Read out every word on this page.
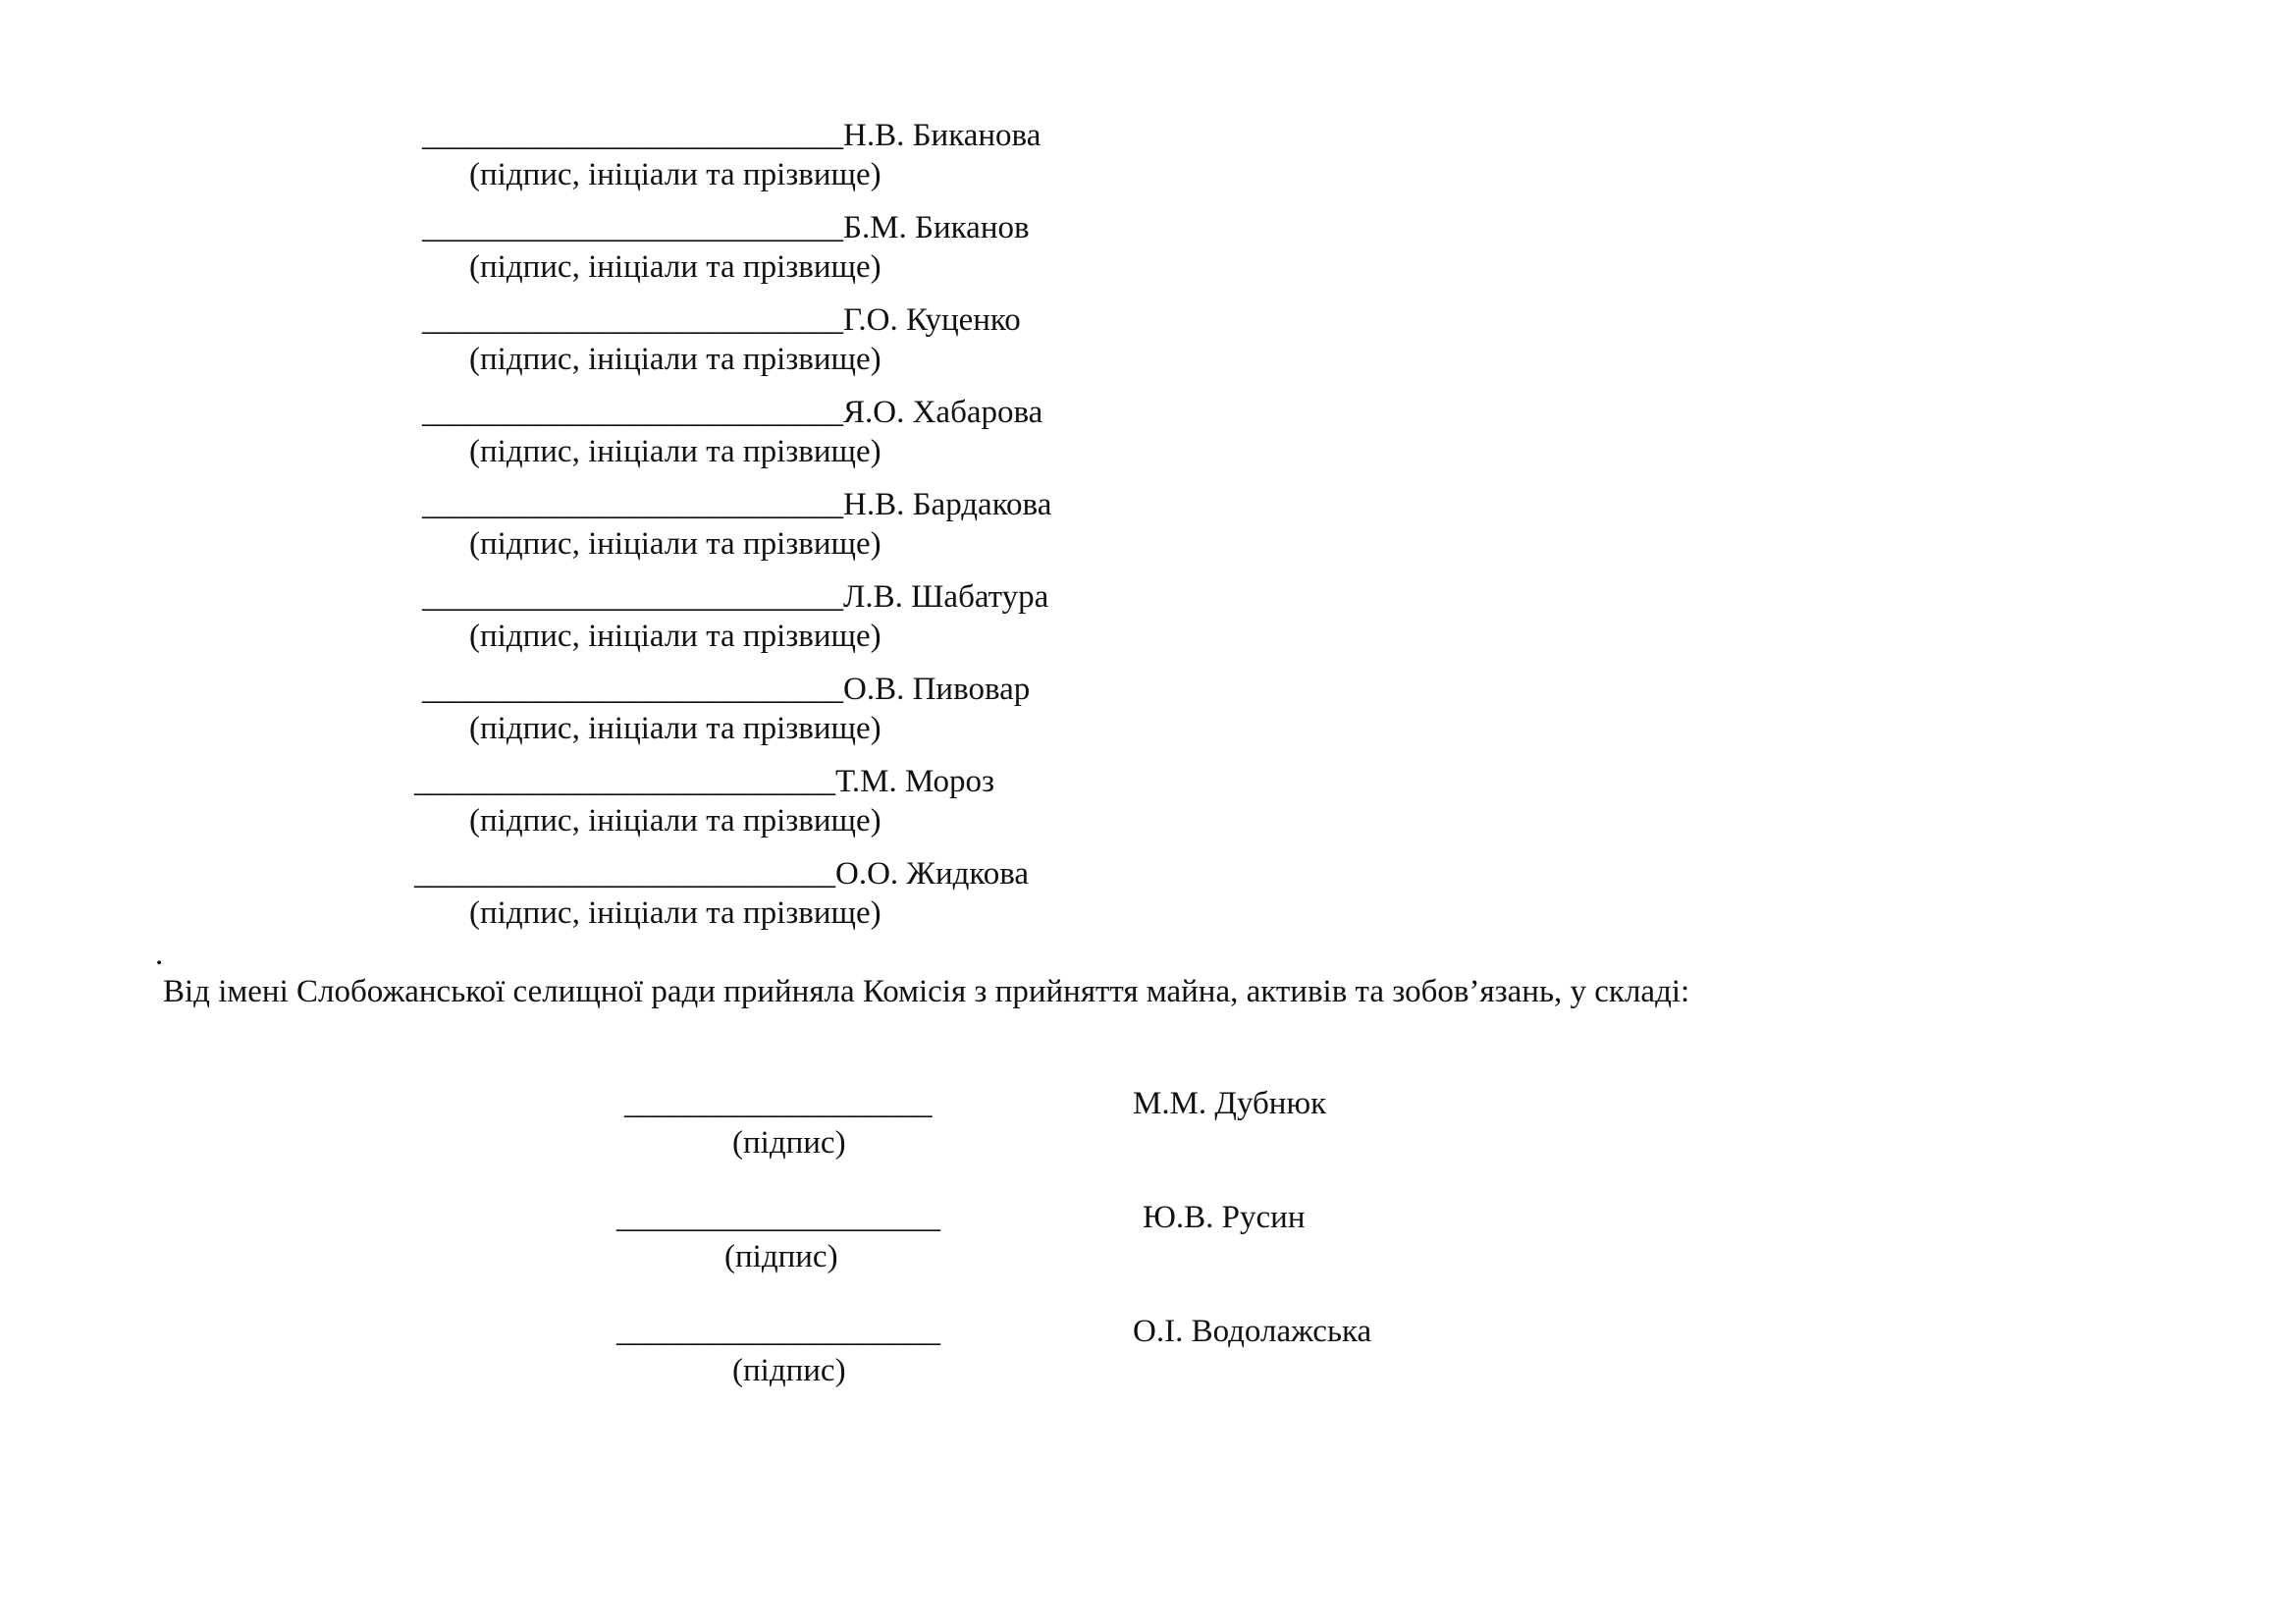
__________________________Н.В. Биканова
(підпис, ініціали та прізвище)
__________________________Б.М. Биканов
(підпис, ініціали та прізвище)
__________________________Г.О. Куценко
(підпис, ініціали та прізвище)
__________________________Я.О. Хабарова
(підпис, ініціали та прізвище)
__________________________Н.В. Бардакова
(підпис, ініціали та прізвище)
__________________________Л.В. Шабатура
(підпис, ініціали та прізвище)
__________________________О.В. Пивовар
(підпис, ініціали та прізвище)
__________________________Т.М. Мороз
(підпис, ініціали та прізвище)
__________________________О.О. Жидкова
(підпис, ініціали та прізвище)
.
Від імені Слобожанської селищної ради прийняла Комісія з прийняття майна, активів та зобов’язань, у складі:
___________________
(підпис)
М.М. Дубнюк
____________________
(підпис)
Ю.В. Русин
____________________
(підпис)
О.І. Водолажська
